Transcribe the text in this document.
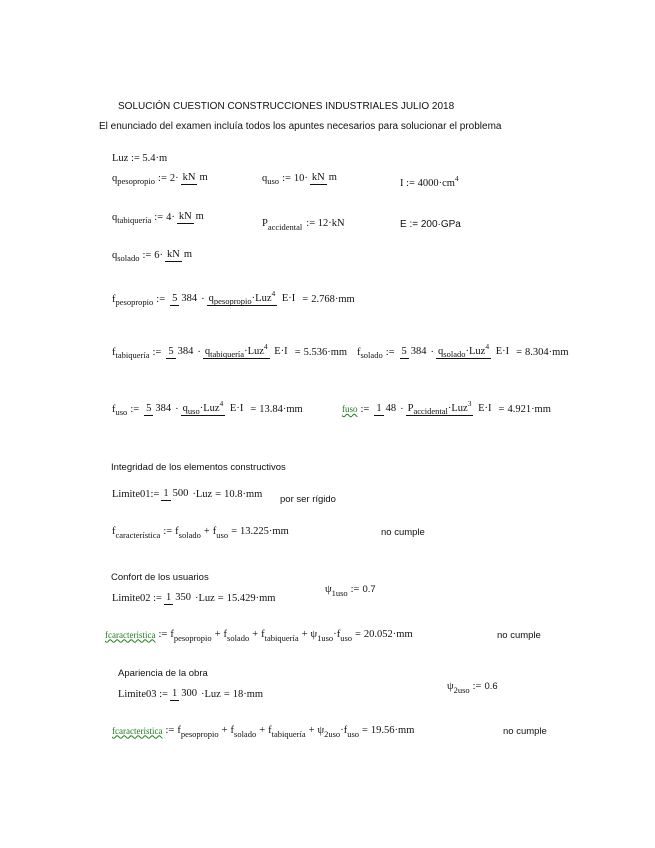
SOLUCIÓN CUESTION CONSTRUCCIONES INDUSTRIALES JULIO 2018
El enunciado del examen incluía todos los apuntes necesarios para solucionar el problema
Luz := 5.4·m
q pesopropio := 2 · kN m	q uso := 10 · kN m
I := 4000·cm 4
q tabiquería := 4 · kN m
P accidental := 12·kN	E := 200·GPa
q solado := 6 · kN m
f pesopropio := 5 $384 \cdot q_{pesopropio}\cdot Luz^4$ E·I = 2.768·mm
f tabiquería := 5 $384 \cdot q_{tabiquería}\cdot Luz^4$ E·I = 5.536·mm f solado := 5 $384 \cdot q_{solado}\cdot Luz^4$ E·I = 8.304·mm
f uso := 5 $384 \cdot q_{uso}\cdot Luz^4$ E·I = 13.84·mm	fuso := 1 $48 \cdot P_{accidental}\cdot Luz^3$ E·I = 4.921·mm
Integridad de los elementos constructivos
Limite01:= 1 500 · Luz = 10.8·mm por ser rígido
f característica := f solado + f uso = 13.225·mm	no cumple
Confort de los usuarios
ψ 1uso := 0.7
Limite02 := 1 350 · Luz = 15.429·mm
fcaracteristica := f pesopropio + f solado + f tabiquería + ψ 1uso · f uso = 20.052·mm	no cumple
Apariencia de la obra
ψ 2uso := 0.6
Limite03 := 1 300 · Luz = 18·mm
fcaracteristica := f pesopropio + f solado + f tabiquería + ψ 2uso · f uso = 19.56·mm	no cumple
